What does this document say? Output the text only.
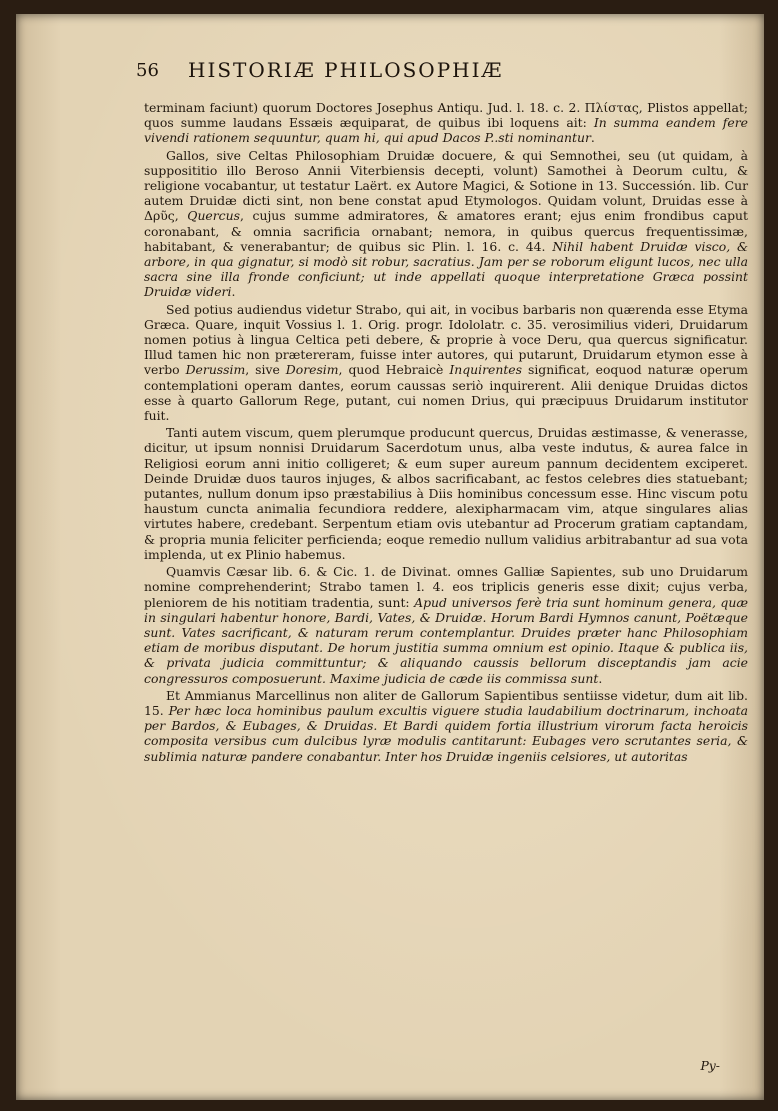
56 HISTORIÆ PHILOSOPHIÆ

terminam faciunt) quorum Doctores Josephus Antiqu. Jud. l. 18. c. 2. Πλίστας, Plistos appellat; quos summe laudans Essæis æquiparat, de quibus ibi loquens ait: In summa eandem fere vivendi rationem sequuntur, quam hi, qui apud Dacos P..sti nominantur.

Gallos, sive Celtas Philosophiam Druidæ docuere, & qui Semnothei, seu (ut quidam, à supposititio illo Beroso Annii Viterbiensis decepti, volunt) Samothei à Deorum cultu, & religione vocabantur, ut testatur Laërt. ex Autore Magici, & Sotione in 13. Successión. lib. Cur autem Druidæ dicti sint, non bene constat apud Etymologos. Quidam volunt, Druidas esse à Δρῦς, Quercus, cujus summe admiratores, & amatores erant; ejus enim frondibus caput coronabant, & omnia sacrificia ornabant; nemora, in quibus quercus frequentissimæ, habitabant, & venerabantur; de quibus sic Plin. l. 16. c. 44. Nihil habent Druidæ visco, & arbore, in qua gignatur, si modò sit robur, sacratius. Jam per se roborum eligunt lucos, nec ulla sacra sine illa fronde conficiunt; ut inde appellati quoque interpretatione Græca possint Druidæ videri.

Sed potius audiendus videtur Strabo, qui ait, in vocibus barbaris non quærenda esse Etyma Græca. Quare, inquit Vossius l. 1. Orig. progr. Idololatr. c. 35. verosimilius videri, Druidarum nomen potius à lingua Celtica peti debere, & proprie à voce Deru, qua quercus significatur. Illud tamen hic non prætereram, fuisse inter autores, qui putarunt, Druidarum etymon esse à verbo Derussim, sive Doresim, quod Hebraicè Inquirentes significat, eoquod naturæ operum contemplationi operam dantes, eorum caussas seriò inquirerent. Alii denique Druidas dictos esse à quarto Gallorum Rege, putant, cui nomen Drius, qui præcipuus Druidarum institutor fuit.

Tanti autem viscum, quem plerumque producunt quercus, Druidas æstimasse, & venerasse, dicitur, ut ipsum nonnisi Druidarum Sacerdotum unus, alba veste indutus, & aurea falce in Religiosi eorum anni initio colligeret; & eum super aureum pannum decidentem exciperet. Deinde Druidæ duos tauros injuges, & albos sacrificabant, ac festos celebres dies statuebant; putantes, nullum donum ipso præstabilius à Diis hominibus concessum esse. Hinc viscum potu haustum cuncta animalia fecundiora reddere, alexipharmacam vim, atque singulares alias virtutes habere, credebant. Serpentum etiam ovis utebantur ad Procerum gratiam captandam, & propria munia feliciter perficienda; eoque remedio nullum validius arbitrabantur ad sua vota implenda, ut ex Plinio habemus.

Quamvis Cæsar lib. 6. & Cic. 1. de Divinat. omnes Galliæ Sapientes, sub uno Druidarum nomine comprehenderint; Strabo tamen l. 4. eos triplicis generis esse dixit; cujus verba, pleniorem de his notitiam tradentia, sunt: Apud universos ferè tria sunt hominum genera, quæ in singulari habentur honore, Bardi, Vates, & Druidæ. Horum Bardi Hymnos canunt, Poëtæque sunt. Vates sacrificant, & naturam rerum contemplantur. Druides præter hanc Philosophiam etiam de moribus disputant. De horum justitia summa omnium est opinio. Itaque & publica iis, & privata judicia committuntur; & aliquando caussis bellorum disceptandis jam acie congressuros composuerunt. Maxime judicia de cæde iis commissa sunt.

Et Ammianus Marcellinus non aliter de Gallorum Sapientibus sentiisse videtur, dum ait lib. 15. Per hæc loca hominibus paulum excultis viguere studia laudabilium doctrinarum, inchoata per Bardos, & Eubages, & Druidas. Et Bardi quidem fortia illustrium virorum facta heroicis composita versibus cum dulcibus lyræ modulis cantitarunt: Eubages vero scrutantes seria, & sublimia naturæ pandere conabantur. Inter hos Druidæ ingeniis celsiores, ut autoritas

Py-
